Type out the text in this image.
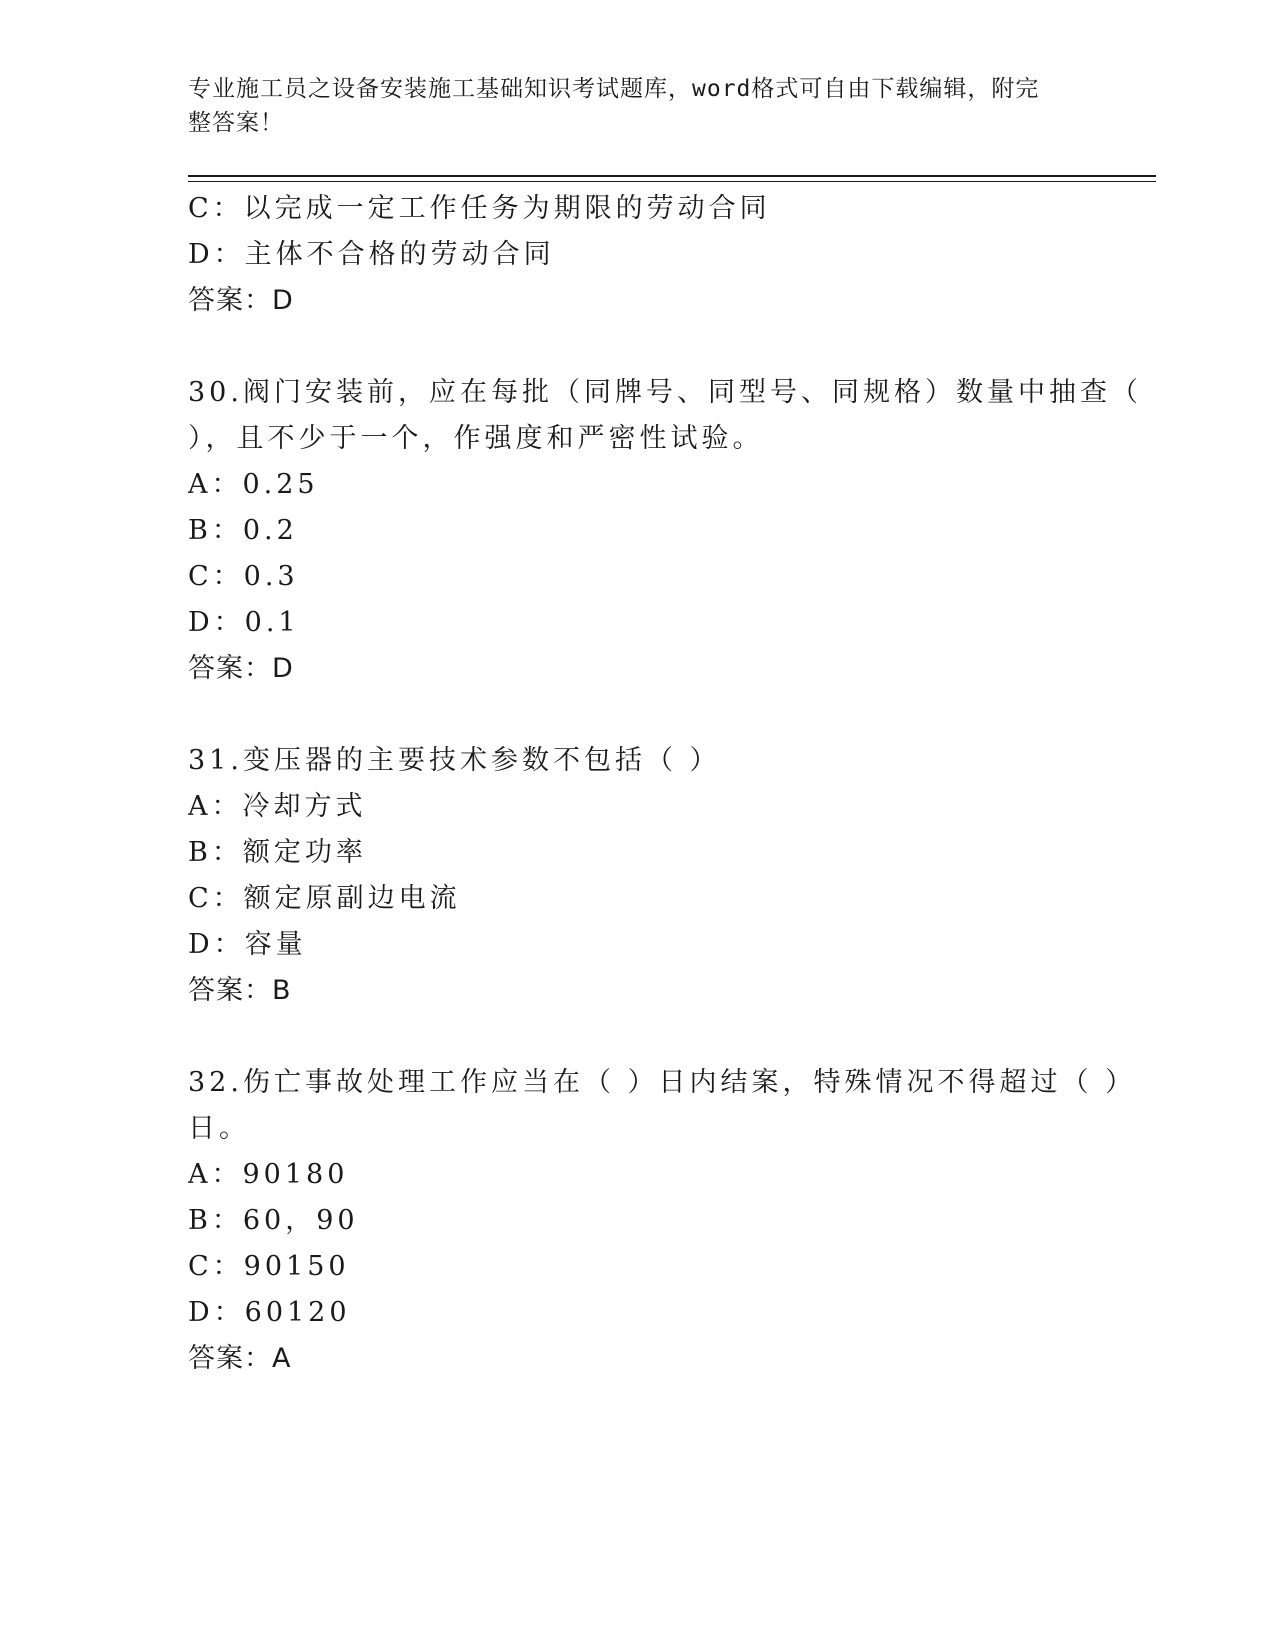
专业施工员之设备安装施工基础知识考试题库，word格式可自由下载编辑，附完
整答案！
C：以完成一定工作任务为期限的劳动合同
D：主体不合格的劳动合同
答案：D
30.阀门安装前，应在每批（同牌号、同型号、同规格）数量中抽查（
），且不少于一个，作强度和严密性试验。
A：0.25
B：0.2
C：0.3
D：0.1
答案：D
31.变压器的主要技术参数不包括（ ）
A：冷却方式
B：额定功率
C：额定原副边电流
D：容量
答案：B
32.伤亡事故处理工作应当在（ ）日内结案，特殊情况不得超过（ ）
日。
A：90180
B：60，90
C：90150
D：60120
答案：A
